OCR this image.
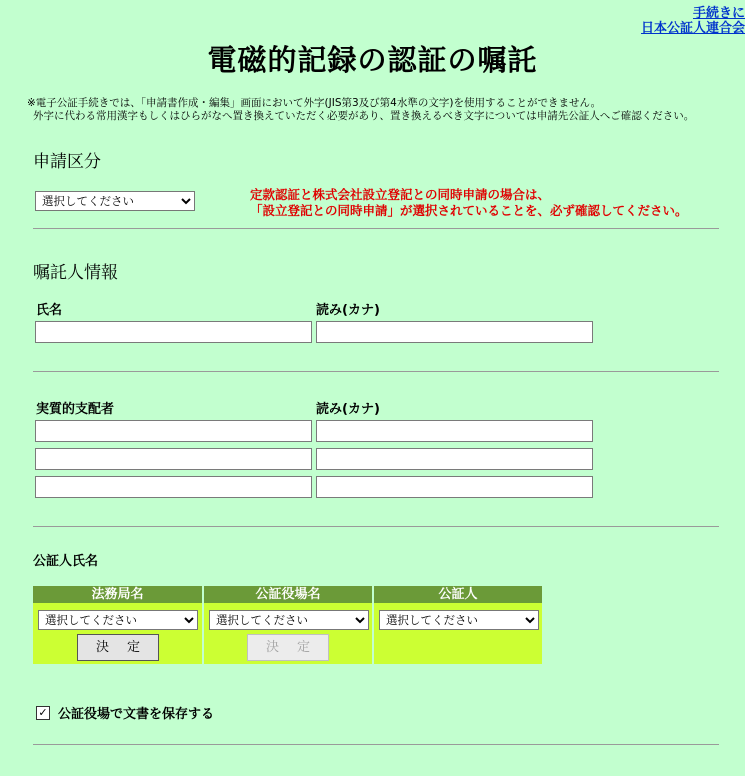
手続きに
日本公証人連合会
電磁的記録の認証の嘱託
※電子公証手続きでは、「申請書作成・編集」画面において外字(JIS第3及び第4水準の文字)を使用することができません。
外字に代わる常用漢字もしくはひらがなへ置き換えていただく必要があり、置き換えるべき文字については申請先公証人へご確認ください。
申請区分
選択してください
定款認証と株式会社設立登記との同時申請の場合は、
「設立登記との同時申請」が選択されていることを、必ず確認してください。
嘱託人情報
氏名	読み(カナ)
実質的支配者	読み(カナ)
公証人氏名
法務局名
選択してください
決定
公証役場名
選択してください
決定
公証人
選択してください
✓ 公証役場で文書を保存する
